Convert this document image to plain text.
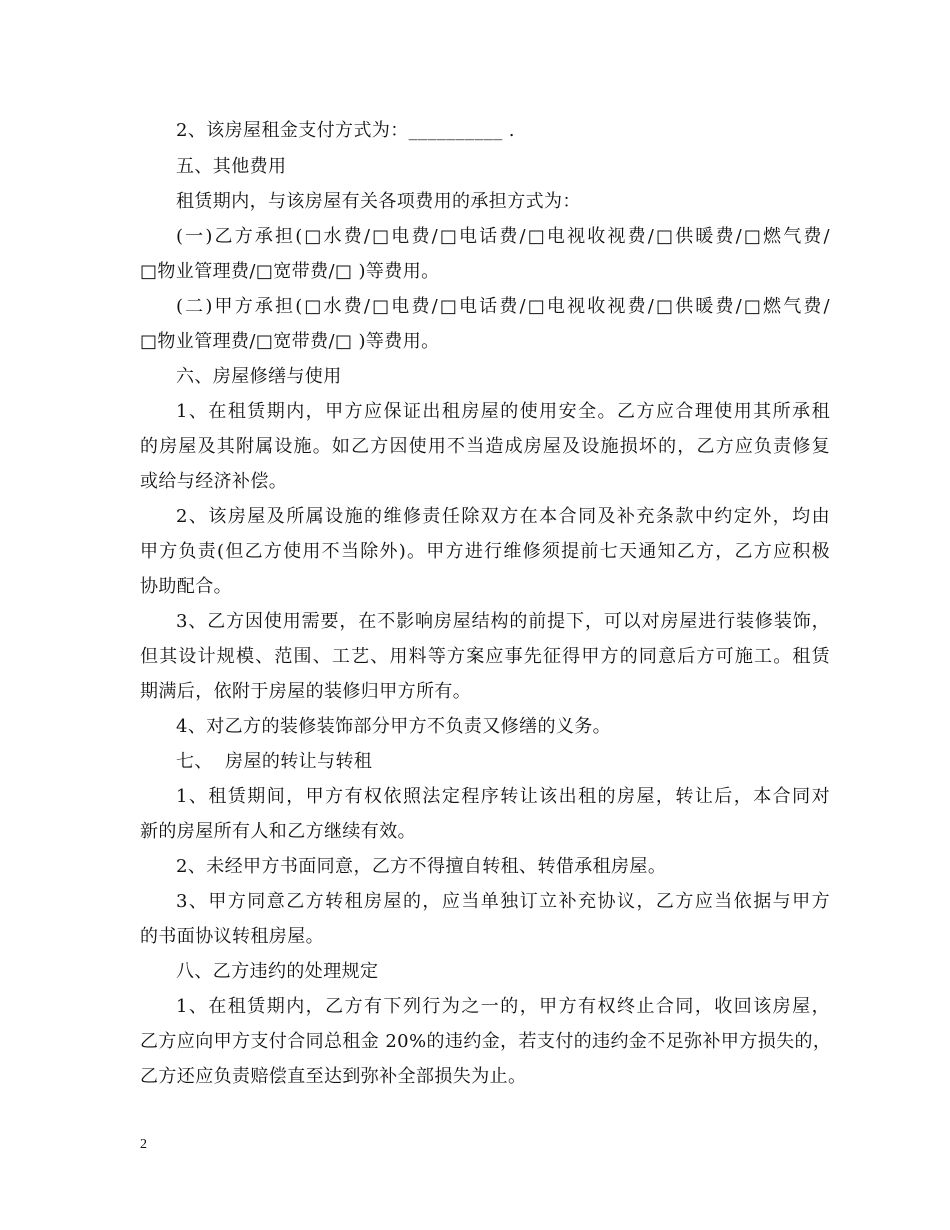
2、该房屋租金支付方式为：__________ .
五、其他费用
租赁期内，与该房屋有关各项费用的承担方式为：
(一)乙方承担(□水费/□电费/□电话费/□电视收视费/□供暖费/□燃气费/
□物业管理费/□宽带费/□ )等费用。
(二)甲方承担(□水费/□电费/□电话费/□电视收视费/□供暖费/□燃气费/
□物业管理费/□宽带费/□ )等费用。
六、房屋修缮与使用
1、在租赁期内，甲方应保证出租房屋的使用安全。乙方应合理使用其所承租
的房屋及其附属设施。如乙方因使用不当造成房屋及设施损坏的，乙方应负责修复
或给与经济补偿。
2、该房屋及所属设施的维修责任除双方在本合同及补充条款中约定外，均由
甲方负责(但乙方使用不当除外)。甲方进行维修须提前七天通知乙方，乙方应积极
协助配合。
3、乙方因使用需要，在不影响房屋结构的前提下，可以对房屋进行装修装饰，
但其设计规模、范围、工艺、用料等方案应事先征得甲方的同意后方可施工。租赁
期满后，依附于房屋的装修归甲方所有。
4、对乙方的装修装饰部分甲方不负责又修缮的义务。
七、  房屋的转让与转租
1、租赁期间，甲方有权依照法定程序转让该出租的房屋，转让后，本合同对
新的房屋所有人和乙方继续有效。
2、未经甲方书面同意，乙方不得擅自转租、转借承租房屋。
3、甲方同意乙方转租房屋的，应当单独订立补充协议，乙方应当依据与甲方
的书面协议转租房屋。
八、乙方违约的处理规定
1、在租赁期内，乙方有下列行为之一的，甲方有权终止合同，收回该房屋，
乙方应向甲方支付合同总租金 20%的违约金，若支付的违约金不足弥补甲方损失的，
乙方还应负责赔偿直至达到弥补全部损失为止。
2
